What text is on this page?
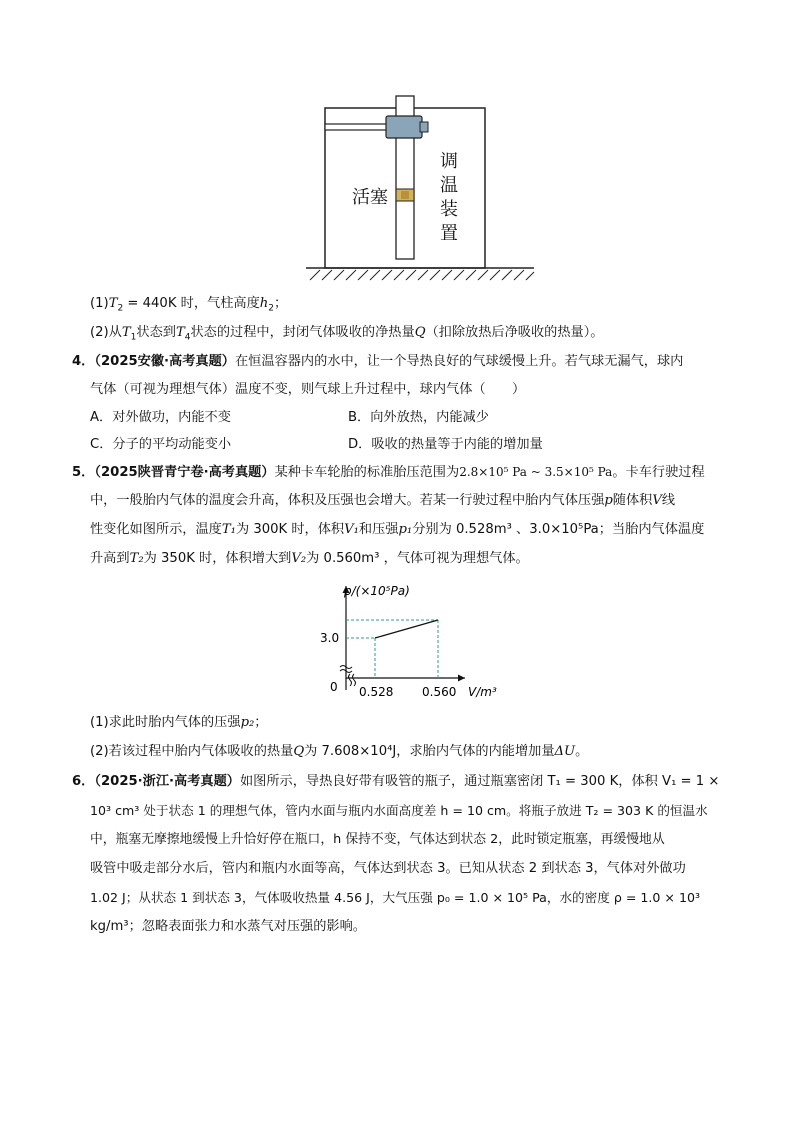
活塞
调
温
装
置
$(1)T_2 = 440K$ 时，气柱高度$h_2$；
(2)从$T_1$状态到$T_4$状态的过程中，封闭气体吸收的净热量Q（扣除放热后净吸收的热量）。
4．（2025安徽·高考真题）在恒温容器内的水中，让一个导热良好的气球缓慢上升。若气球无漏气，球内
气体（可视为理想气体）温度不变，则气球上升过程中，球内气体（　　）
A．对外做功，内能不变	B．向外放热，内能减少
C．分子的平均动能变小	D．吸收的热量等于内能的增加量
5．（2025陕晋青宁卷·高考真题）某种卡车轮胎的标准胎压范围为2.8×10⁵ Pa ~ 3.5×10⁵ Pa。卡车行驶过程
中，一般胎内气体的温度会升高，体积及压强也会增大。若某一行驶过程中胎内气体压强p随体积V线
性变化如图所示，温度T₁为 300K 时，体积V₁和压强p₁分别为 0.528m³ 、3.0×10⁵Pa；当胎内气体温度
升高到T₂为 350K 时，体积增大到V₂为 0.560m³ ，气体可视为理想气体。
0.528 0.560
3.0
p/(×10⁵Pa)
V/m³
0
(1)求此时胎内气体的压强p₂；
(2)若该过程中胎内气体吸收的热量Q为 7.608×10⁴J，求胎内气体的内能增加量ΔU。
6．（2025·浙江·高考真题）如图所示，导热良好带有吸管的瓶子，通过瓶塞密闭 T₁ = 300 K，体积 V₁ = 1 ×
10³ cm³ 处于状态 1 的理想气体，管内水面与瓶内水面高度差 h = 10 cm。将瓶子放进 T₂ = 303 K 的恒温水
中，瓶塞无摩擦地缓慢上升恰好停在瓶口，h 保持不变，气体达到状态 2，此时锁定瓶塞，再缓慢地从
吸管中吸走部分水后，管内和瓶内水面等高，气体达到状态 3。已知从状态 2 到状态 3，气体对外做功
1.02 J；从状态 1 到状态 3，气体吸收热量 4.56 J，大气压强 p₀ = 1.0 × 10⁵ Pa，水的密度 ρ = 1.0 × 10³
kg/m³；忽略表面张力和水蒸气对压强的影响。
